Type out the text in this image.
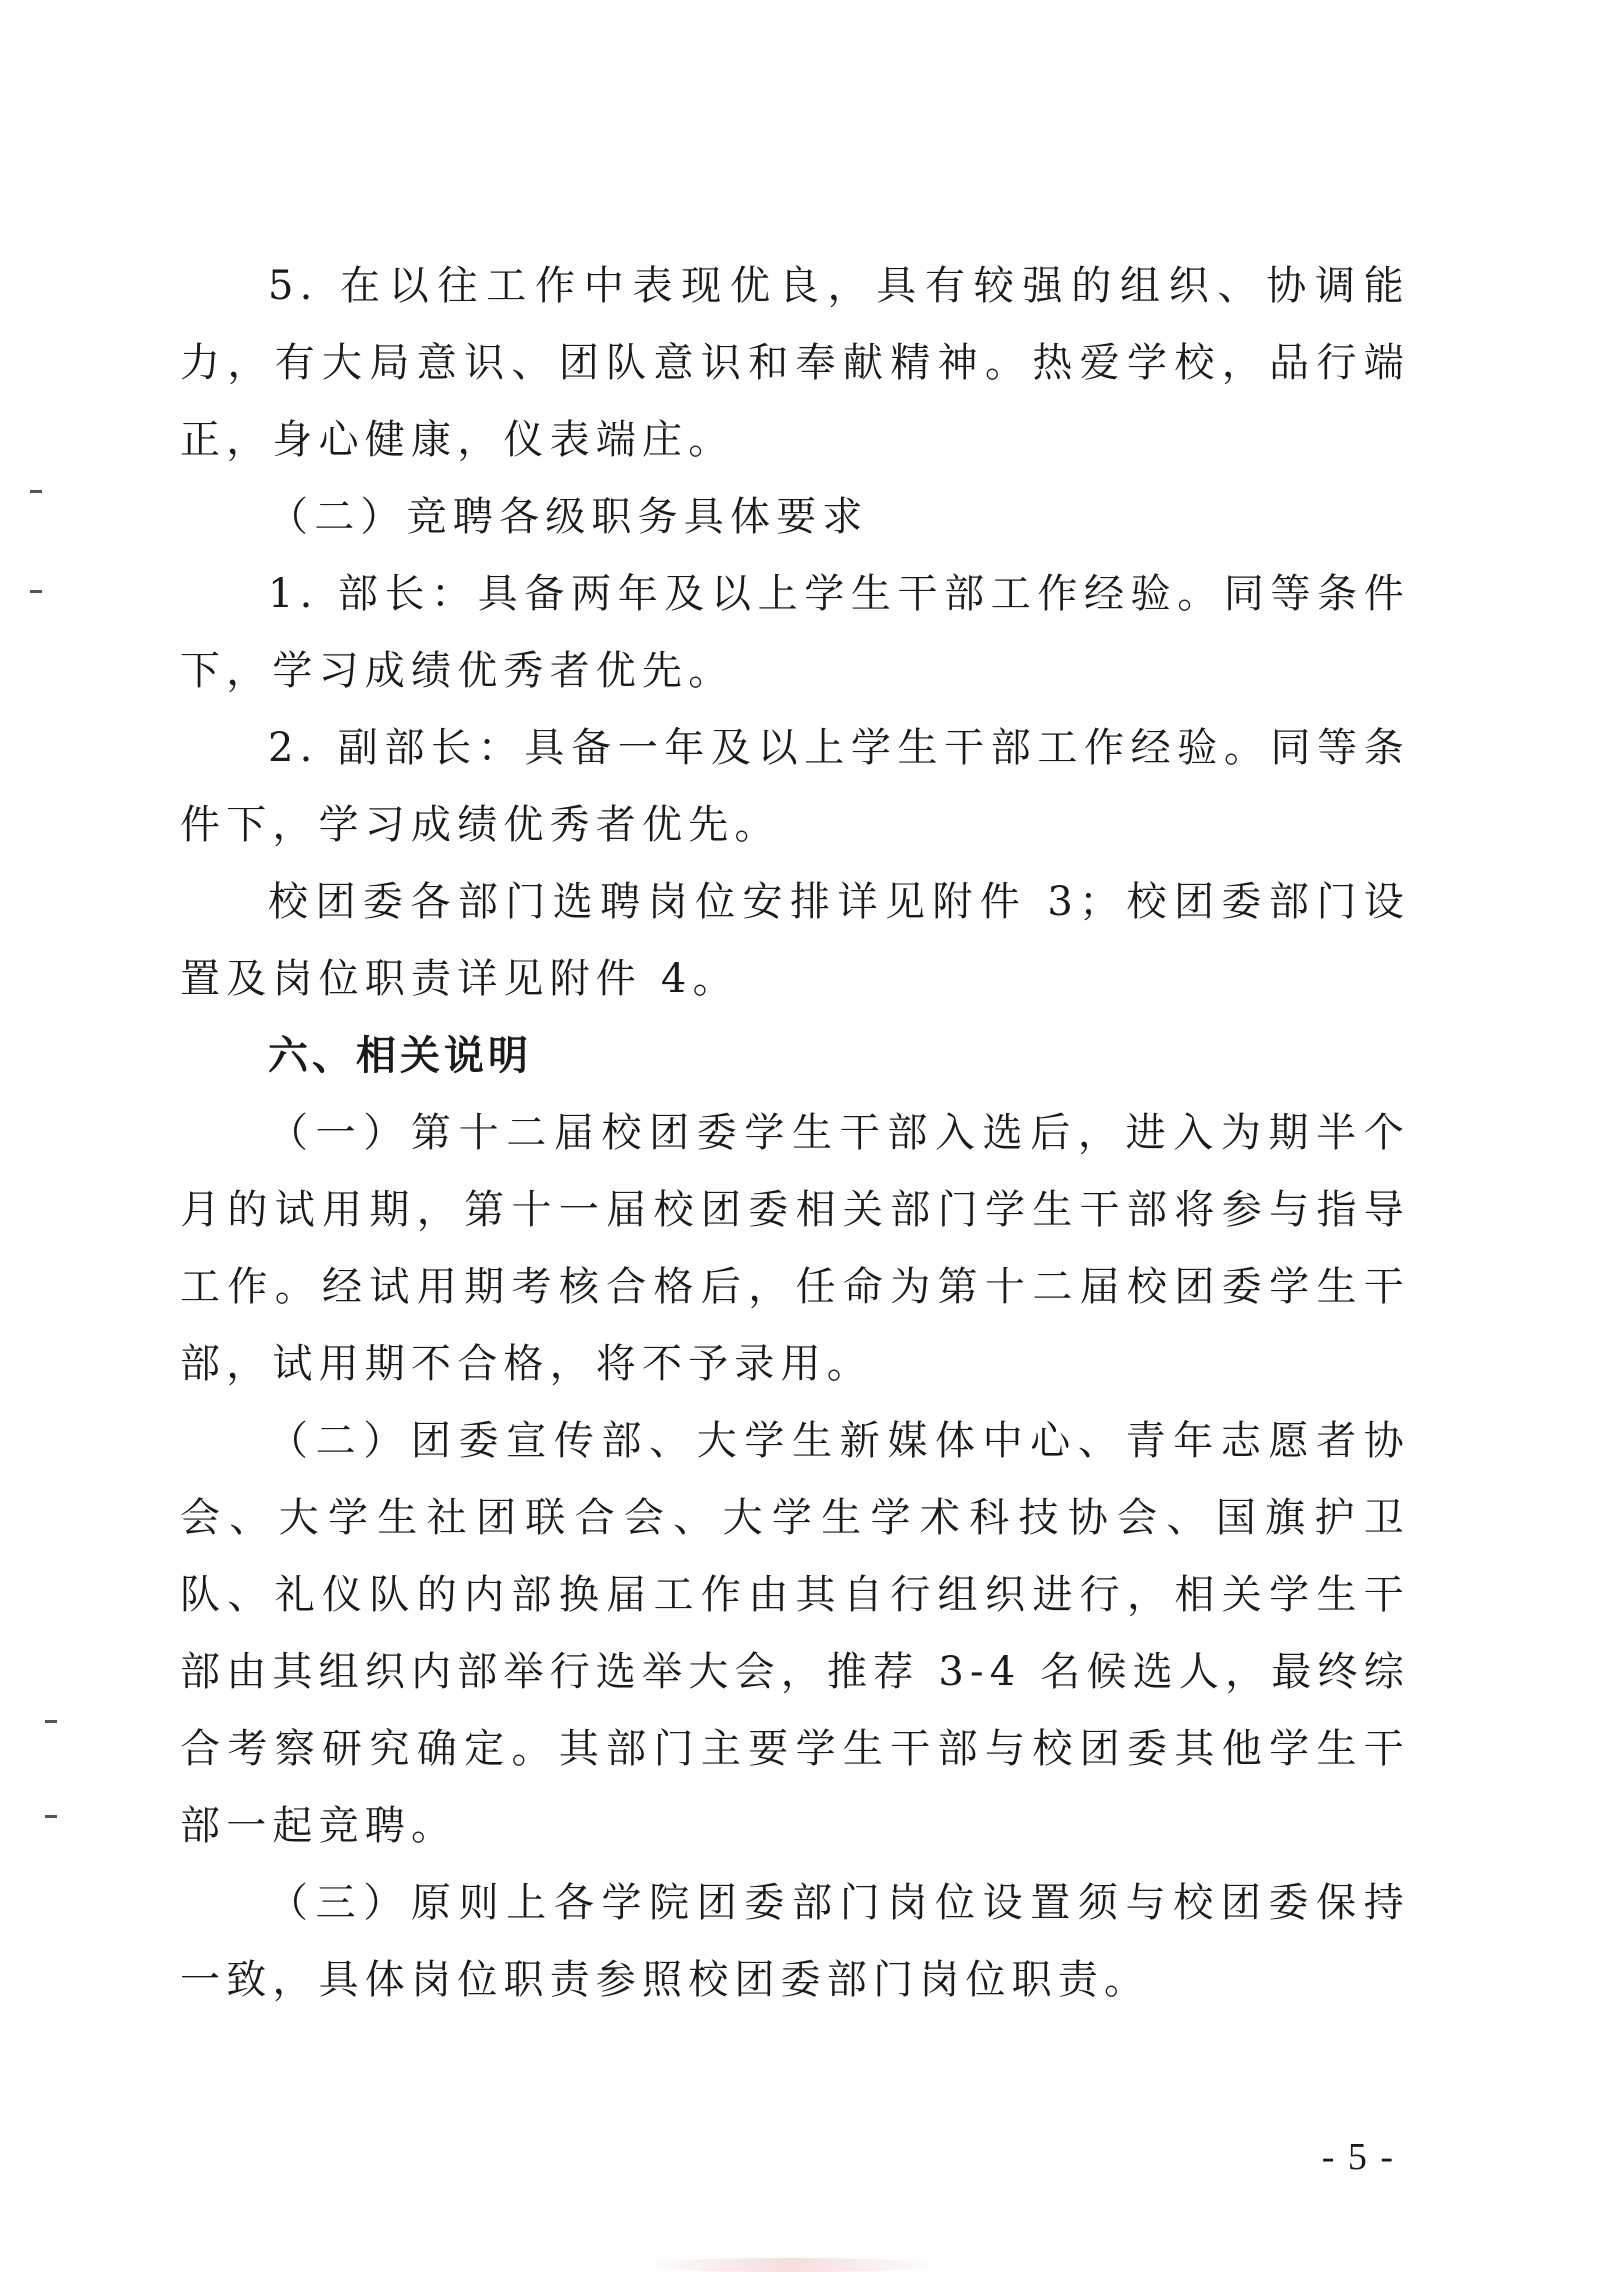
5. 在以往工作中表现优良，具有较强的组织、协调能力，有大局意识、团队意识和奉献精神。热爱学校，品行端正，身心健康，仪表端庄。

（二）竞聘各级职务具体要求

1. 部长：具备两年及以上学生干部工作经验。同等条件下，学习成绩优秀者优先。

2. 副部长：具备一年及以上学生干部工作经验。同等条件下，学习成绩优秀者优先。

校团委各部门选聘岗位安排详见附件 3；校团委部门设置及岗位职责详见附件 4。

六、相关说明

（一）第十二届校团委学生干部入选后，进入为期半个月的试用期，第十一届校团委相关部门学生干部将参与指导工作。经试用期考核合格后，任命为第十二届校团委学生干部，试用期不合格，将不予录用。

（二）团委宣传部、大学生新媒体中心、青年志愿者协会、大学生社团联合会、大学生学术科技协会、国旗护卫队、礼仪队的内部换届工作由其自行组织进行，相关学生干部由其组织内部举行选举大会，推荐 3-4 名候选人，最终综合考察研究确定。其部门主要学生干部与校团委其他学生干部一起竞聘。

（三）原则上各学院团委部门岗位设置须与校团委保持一致，具体岗位职责参照校团委部门岗位职责。

- 5 -
